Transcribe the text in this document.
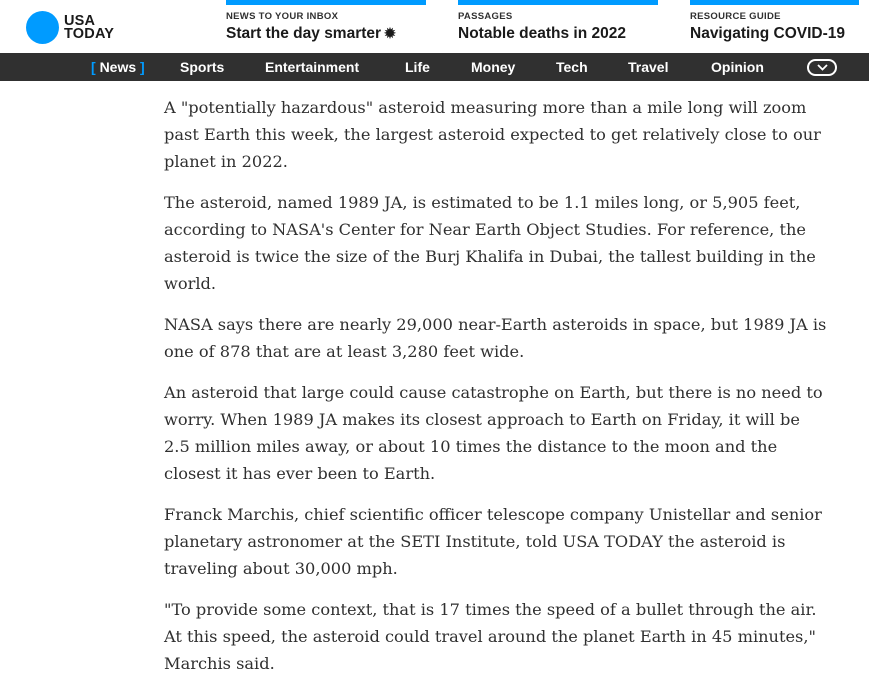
USA
TODAY
NEWS TO YOUR INBOX
Start the day smarter ✹
PASSAGES
Notable deaths in 2022
RESOURCE GUIDE
Navigating COVID-19
[ News ]	Sports	Entertainment	Life	Money	Tech	Travel	Opinion

A "potentially hazardous" asteroid measuring more than a mile long will zoom past Earth this week, the largest asteroid expected to get relatively close to our planet in 2022.

The asteroid, named 1989 JA, is estimated to be 1.1 miles long, or 5,905 feet, according to NASA's Center for Near Earth Object Studies. For reference, the asteroid is twice the size of the Burj Khalifa in Dubai, the tallest building in the world.

NASA says there are nearly 29,000 near-Earth asteroids in space, but 1989 JA is one of 878 that are at least 3,280 feet wide.

An asteroid that large could cause catastrophe on Earth, but there is no need to worry. When 1989 JA makes its closest approach to Earth on Friday, it will be 2.5 million miles away, or about 10 times the distance to the moon and the closest it has ever been to Earth.

Franck Marchis, chief scientific officer telescope company Unistellar and senior planetary astronomer at the SETI Institute, told USA TODAY the asteroid is traveling about 30,000 mph.

"To provide some context, that is 17 times the speed of a bullet through the air. At this speed, the asteroid could travel around the planet Earth in 45 minutes," Marchis said.
